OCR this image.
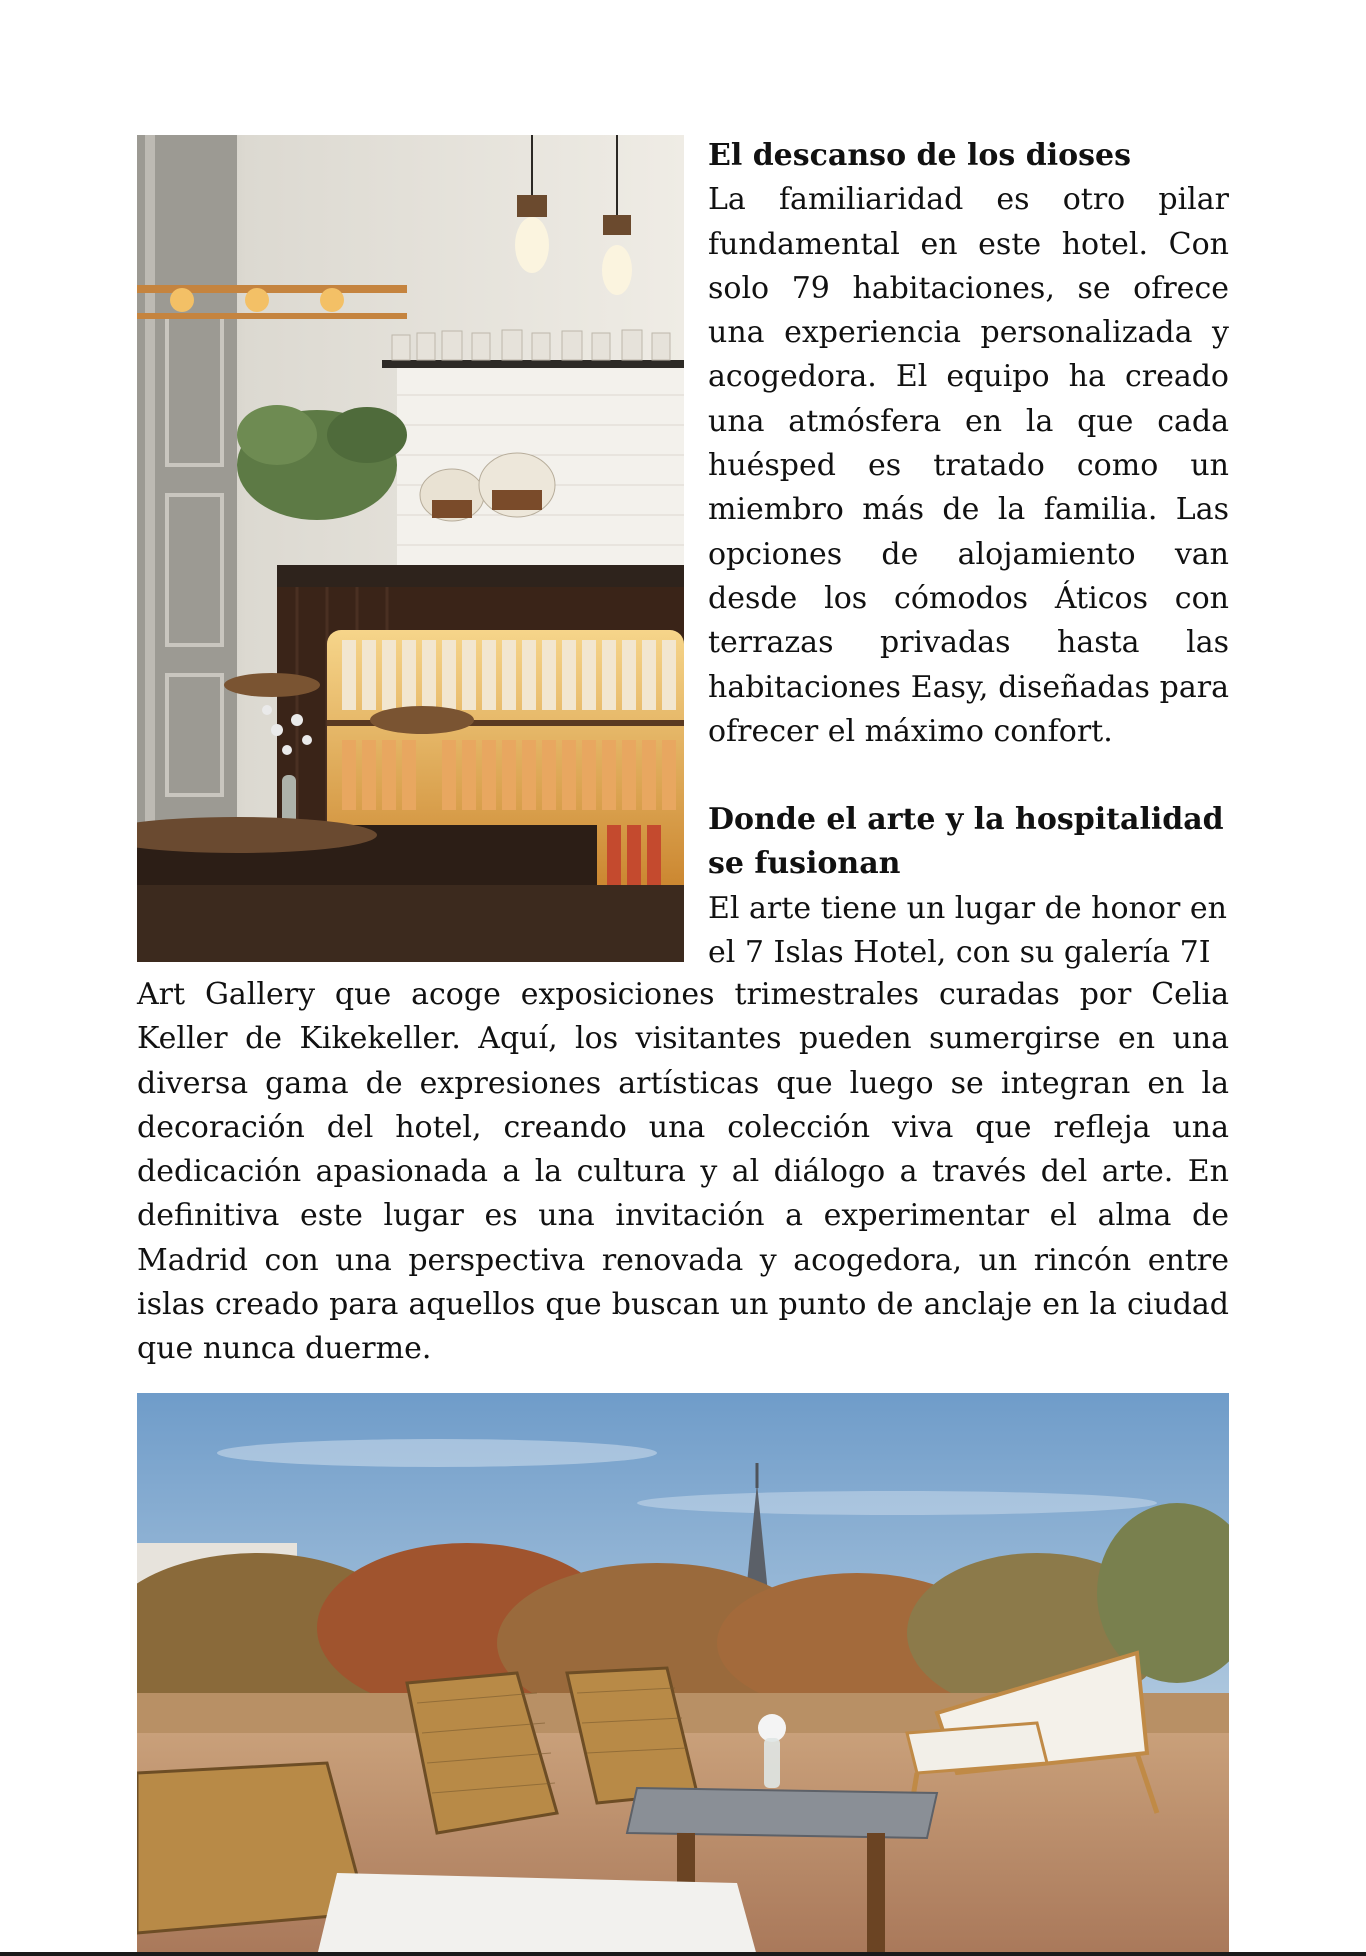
El descanso de los dioses

La familiaridad es otro pilar fundamental en este hotel. Con solo 79 habitaciones, se ofrece una experiencia personalizada y acogedora. El equipo ha creado una atmósfera en la que cada huésped es tratado como un miembro más de la familia. Las opciones de alojamiento van desde los cómodos Áticos con terrazas privadas hasta las habitaciones Easy, diseñadas para ofrecer el máximo confort.

Donde el arte y la hospitalidad se fusionan

El arte tiene un lugar de honor en el 7 Islas Hotel, con su galería 7I

Art Gallery que acoge exposiciones trimestrales curadas por Celia Keller de Kikekeller. Aquí, los visitantes pueden sumergirse en una diversa gama de expresiones artísticas que luego se integran en la decoración del hotel, creando una colección viva que refleja una dedicación apasionada a la cultura y al diálogo a través del arte. En definitiva este lugar es una invitación a experimentar el alma de Madrid con una perspectiva renovada y acogedora, un rincón entre islas creado para aquellos que buscan un punto de anclaje en la ciudad que nunca duerme.
